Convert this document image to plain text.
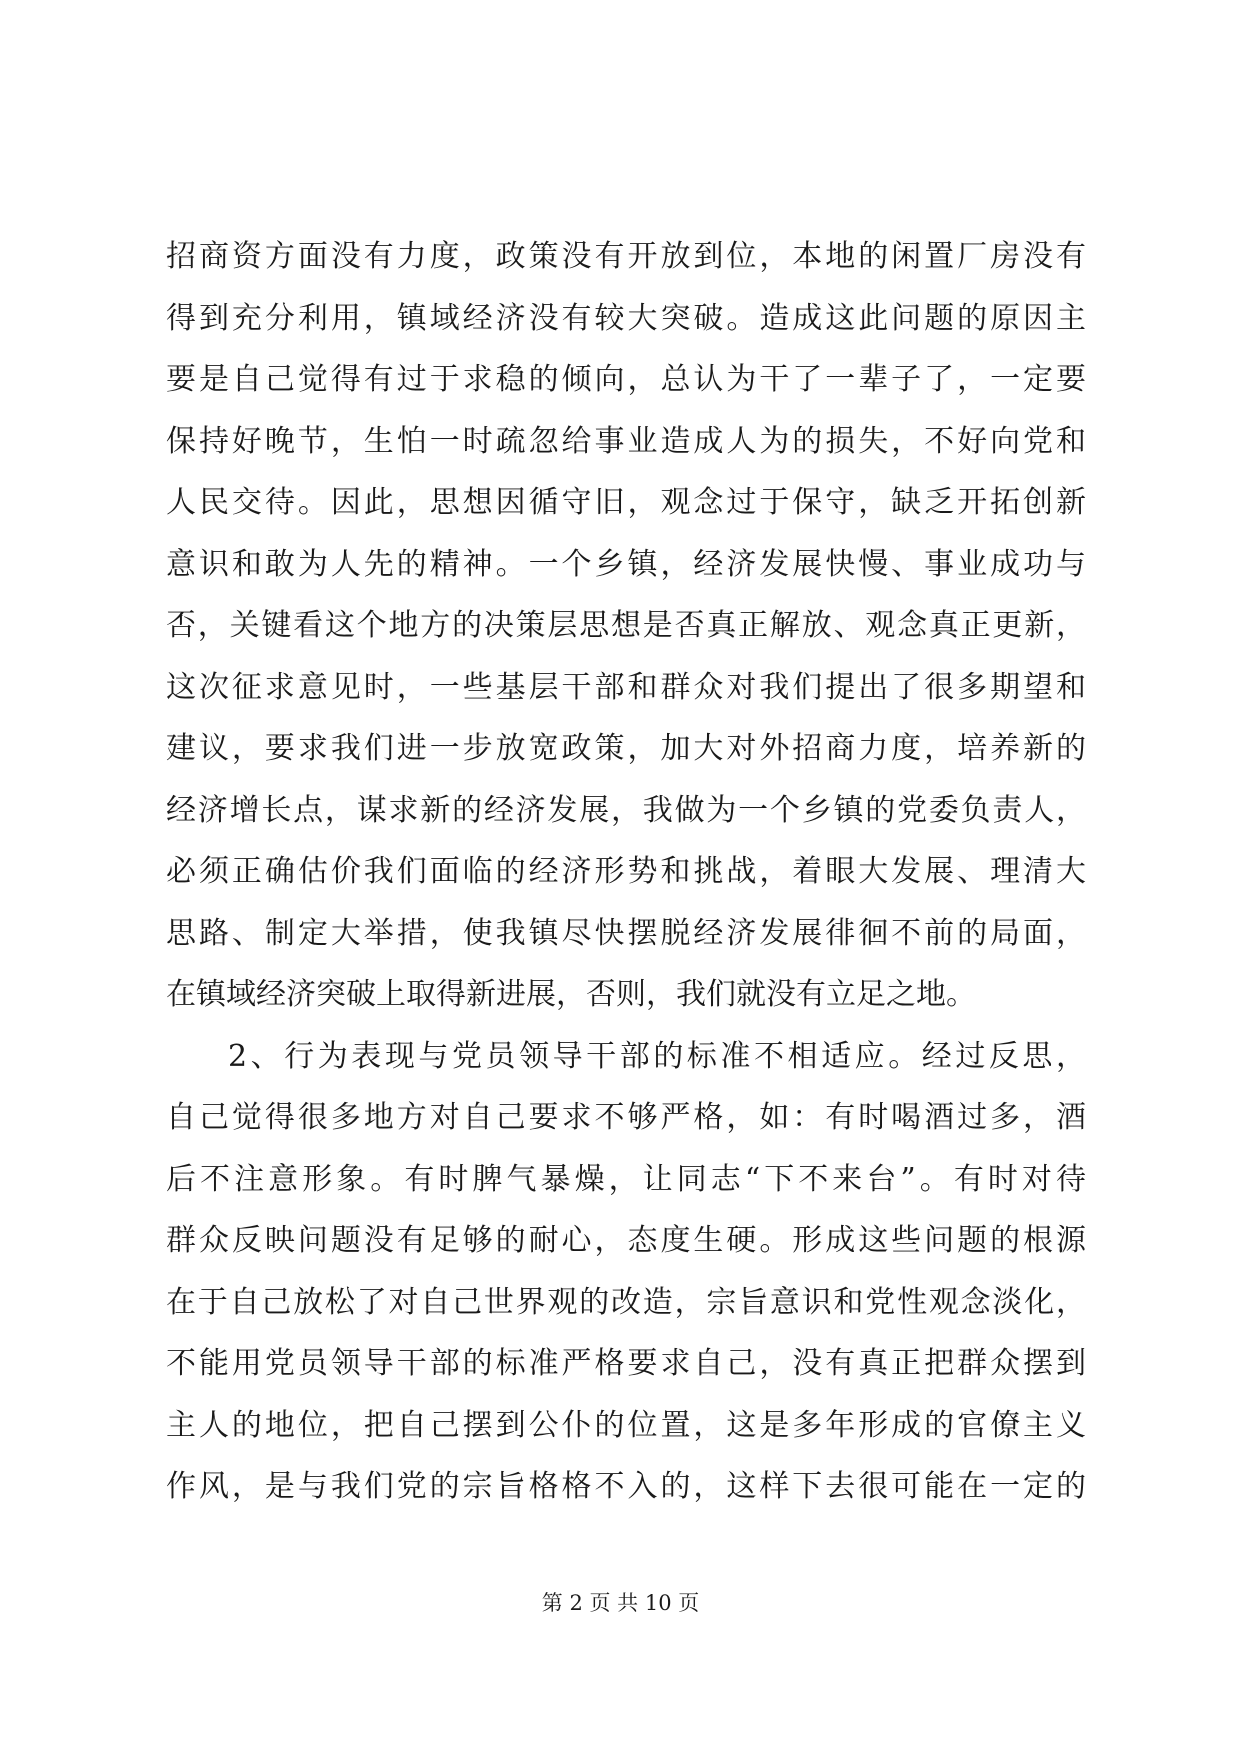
招商资方面没有力度，政策没有开放到位，本地的闲置厂房没有
得到充分利用，镇域经济没有较大突破。造成这此问题的原因主
要是自己觉得有过于求稳的倾向，总认为干了一辈子了，一定要
保持好晚节，生怕一时疏忽给事业造成人为的损失，不好向党和
人民交待。因此，思想因循守旧，观念过于保守，缺乏开拓创新
意识和敢为人先的精神。一个乡镇，经济发展快慢、事业成功与
否，关键看这个地方的决策层思想是否真正解放、观念真正更新，
这次征求意见时，一些基层干部和群众对我们提出了很多期望和
建议，要求我们进一步放宽政策，加大对外招商力度，培养新的
经济增长点，谋求新的经济发展，我做为一个乡镇的党委负责人，
必须正确估价我们面临的经济形势和挑战，着眼大发展、理清大
思路、制定大举措，使我镇尽快摆脱经济发展徘徊不前的局面，
在镇域经济突破上取得新进展，否则，我们就没有立足之地。
2、行为表现与党员领导干部的标准不相适应。经过反思，
自己觉得很多地方对自己要求不够严格，如：有时喝酒过多，酒
后不注意形象。有时脾气暴燥，让同志“下不来台”。有时对待
群众反映问题没有足够的耐心，态度生硬。形成这些问题的根源
在于自己放松了对自己世界观的改造，宗旨意识和党性观念淡化，
不能用党员领导干部的标准严格要求自己，没有真正把群众摆到
主人的地位，把自己摆到公仆的位置，这是多年形成的官僚主义
作风，是与我们党的宗旨格格不入的，这样下去很可能在一定的
第 2 页 共 10 页
